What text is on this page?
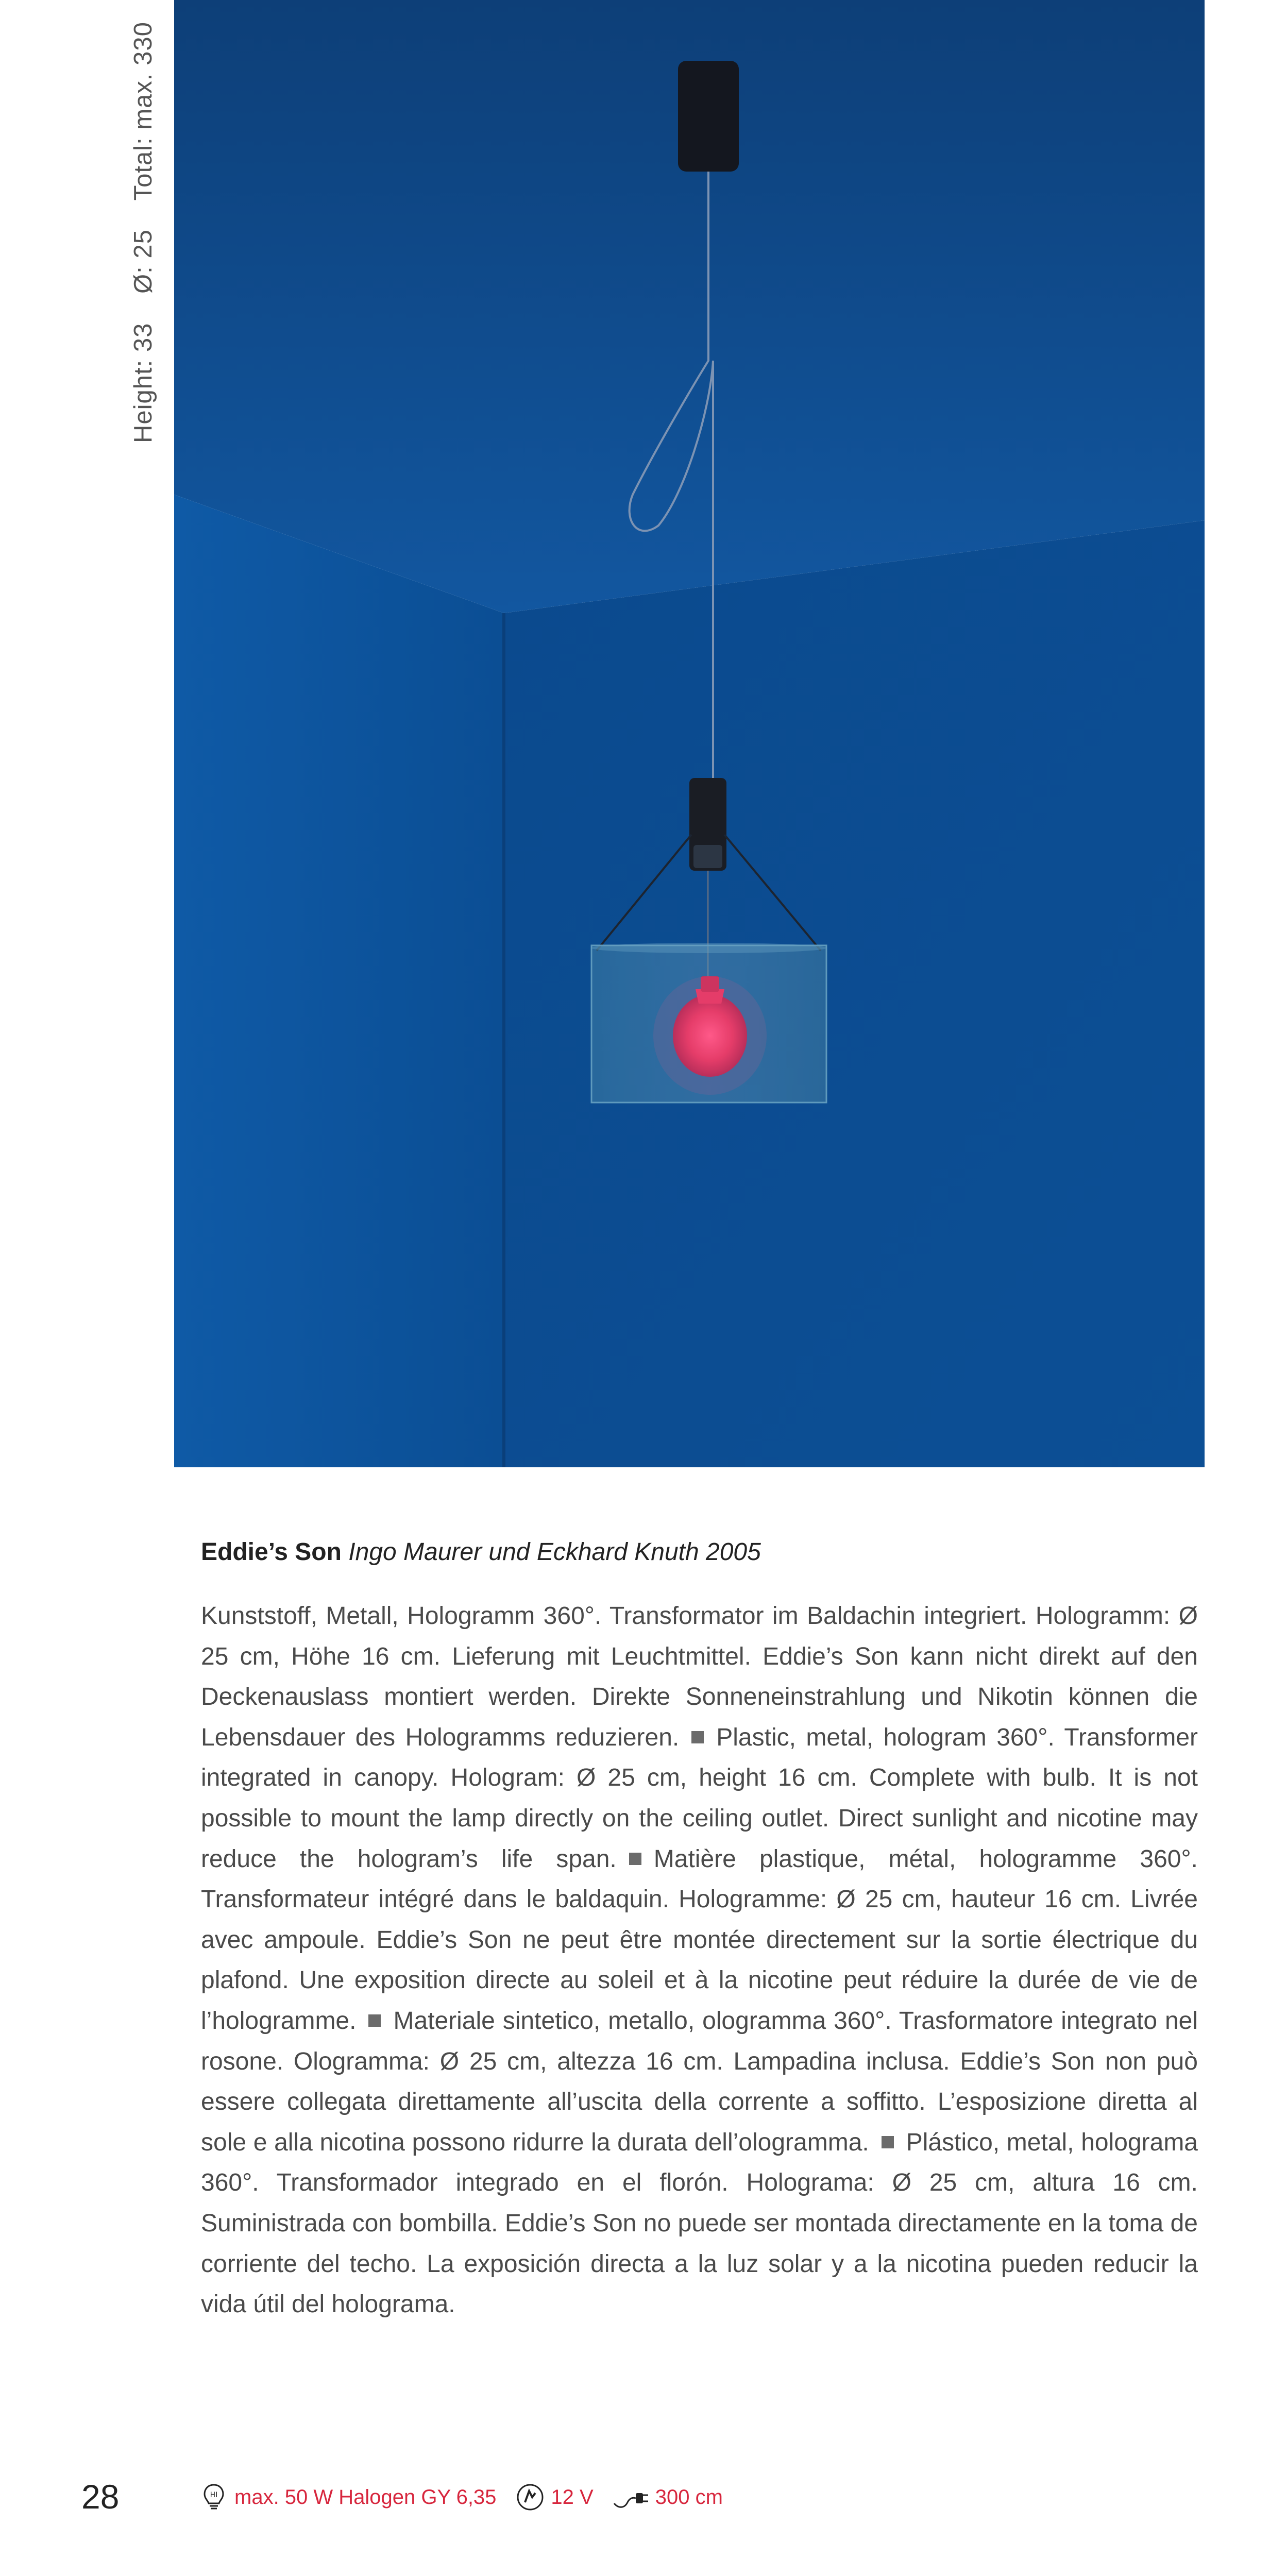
Height: 33 Ø: 25 Total: max. 330
Eddie’s Son Ingo Maurer und Eckhard Knuth 2005
Kunststoff, Metall, Hologramm 360°. Transformator im Baldachin integriert. Hologramm: Ø 25 cm, Höhe 16 cm. Lieferung mit Leuchtmittel. Eddie’s Son kann nicht direkt auf den Deckenauslass montiert werden. Direkte Sonneneinstrahlung und Nikotin können die Lebensdauer des Hologramms reduzieren. Plastic, metal, hologram 360°. Transformer integrated in canopy. Hologram: Ø 25 cm, height 16 cm. Complete with bulb. It is not possible to mount the lamp directly on the ceiling outlet. Direct sunlight and nicotine may reduce the hologram’s life span. Matière plastique, métal, hologramme 360°. Transformateur intégré dans le baldaquin. Hologramme: Ø 25 cm, hauteur 16 cm. Livrée avec ampoule. Eddie’s Son ne peut être montée directement sur la sortie électrique du plafond. Une exposition directe au soleil et à la nicotine peut réduire la durée de vie de l’hologramme. Materiale sintetico, metallo, ologramma 360°. Trasformatore integrato nel rosone. Ologramma: Ø 25 cm, altezza 16 cm. Lampadina inclusa. Eddie’s Son non può essere collegata direttamente all’uscita della corrente a soffitto. L’esposizione diretta al sole e alla nicotina possono ridurre la durata dell’ologramma. Plástico, metal, holograma 360°. Transformador integrado en el florón. Holograma: Ø 25 cm, altura 16 cm. Suministrada con bombilla. Eddie’s Son no puede ser montada directamente en la toma de corriente del techo. La exposición directa a la luz solar y a la nicotina pueden reducir la vida útil del holograma.
28	HI max. 50 W Halogen GY 6,35	12 V	300 cm
